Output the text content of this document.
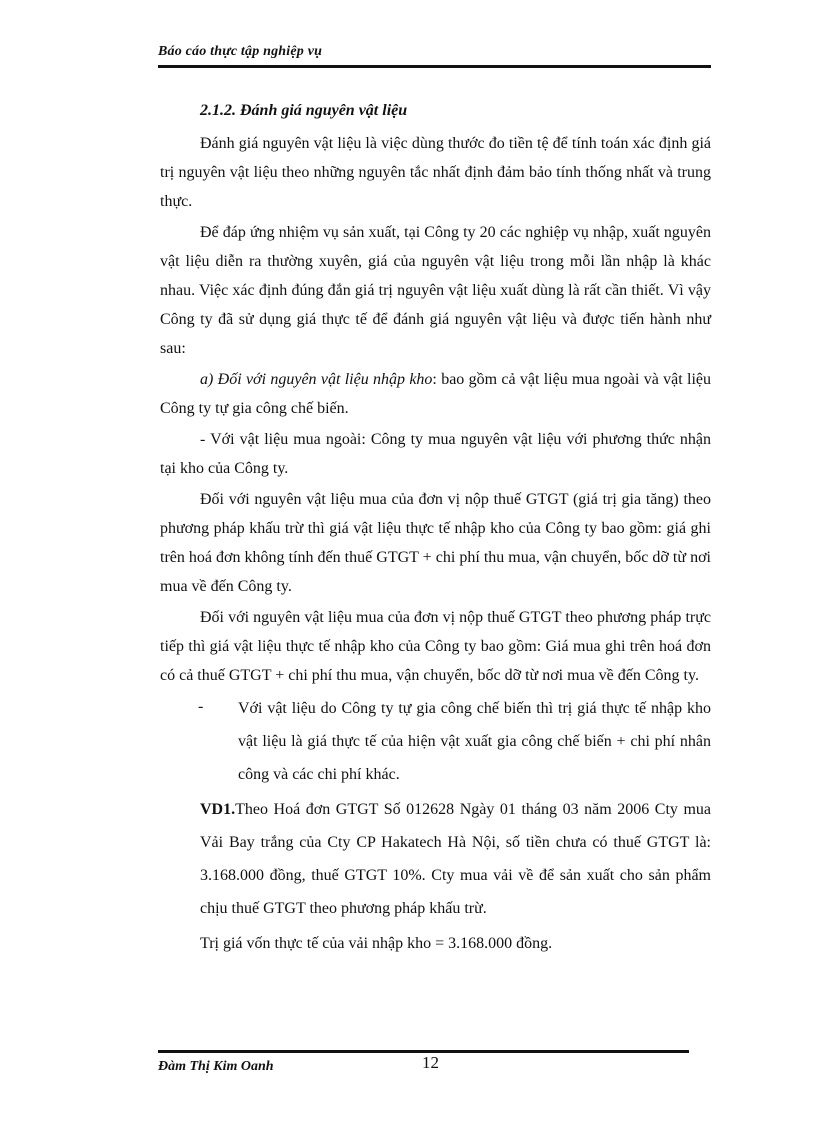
Báo cáo thực tập nghiệp vụ

2.1.2. Đánh giá nguyên vật liệu

Đánh giá nguyên vật liệu là việc dùng thước đo tiền tệ để tính toán xác định giá trị nguyên vật liệu theo những nguyên tắc nhất định đảm bảo tính thống nhất và trung thực.

Để đáp ứng nhiệm vụ sản xuất, tại Công ty 20 các nghiệp vụ nhập, xuất nguyên vật liệu diễn ra thường xuyên, giá của nguyên vật liệu trong mỗi lần nhập là khác nhau. Việc xác định đúng đắn giá trị nguyên vật liệu xuất dùng là rất cần thiết. Vì vậy Công ty đã sử dụng giá thực tế để đánh giá nguyên vật liệu và được tiến hành như sau:

a) Đối với nguyên vật liệu nhập kho: bao gồm cả vật liệu mua ngoài và vật liệu Công ty tự gia công chế biến.

- Với vật liệu mua ngoài: Công ty mua nguyên vật liệu với phương thức nhận tại kho của Công ty.

Đối với nguyên vật liệu mua của đơn vị nộp thuế GTGT (giá trị gia tăng) theo phương pháp khấu trừ thì giá vật liệu thực tế nhập kho của Công ty bao gồm: giá ghi trên hoá đơn không tính đến thuế GTGT + chi phí thu mua, vận chuyển, bốc dỡ từ nơi mua về đến Công ty.

Đối với nguyên vật liệu mua của đơn vị nộp thuế GTGT theo phương pháp trực tiếp thì giá vật liệu thực tế nhập kho của Công ty bao gồm: Giá mua ghi trên hoá đơn có cả thuế GTGT + chi phí thu mua, vận chuyển, bốc dỡ từ nơi mua về đến Công ty.

-	Với vật liệu do Công ty tự gia công chế biến thì trị giá thực tế nhập kho vật liệu là giá thực tế của hiện vật xuất gia công chế biến + chi phí nhân công và các chi phí khác.

VD1.Theo Hoá đơn GTGT Số 012628 Ngày 01 tháng 03 năm 2006 Cty mua Vải Bay trắng của Cty CP Hakatech Hà Nội, số tiền chưa có thuế GTGT là: 3.168.000 đồng, thuế GTGT 10%. Cty mua vải về để sản xuất cho sản phẩm chịu thuế GTGT theo phương pháp khấu trừ.

Trị giá vốn thực tế của vải nhập kho = 3.168.000 đồng.

Đàm Thị Kim Oanh	12
